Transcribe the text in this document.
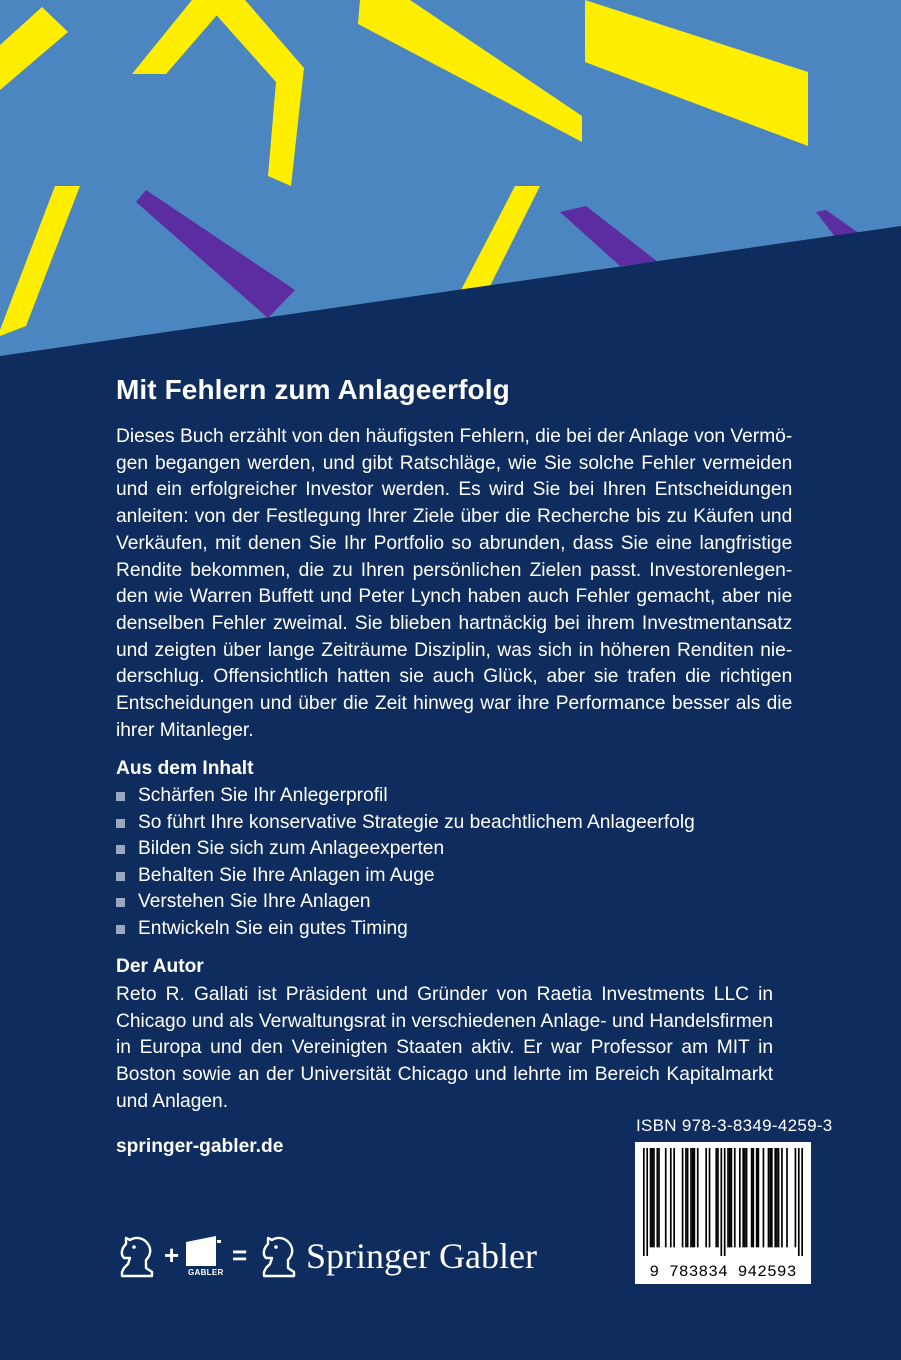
Mit Fehlern zum Anlageerfolg

Dieses Buch erzählt von den häufigsten Fehlern, die bei der Anlage von Vermö-
gen begangen werden, und gibt Ratschläge, wie Sie solche Fehler vermeiden
und ein erfolgreicher Investor werden. Es wird Sie bei Ihren Entscheidungen
anleiten: von der Festlegung Ihrer Ziele über die Recherche bis zu Käufen und
Verkäufen, mit denen Sie Ihr Portfolio so abrunden, dass Sie eine langfristige
Rendite bekommen, die zu Ihren persönlichen Zielen passt. Investorenlegen-
den wie Warren Buffett und Peter Lynch haben auch Fehler gemacht, aber nie
denselben Fehler zweimal. Sie blieben hartnäckig bei ihrem Investmentansatz
und zeigten über lange Zeiträume Disziplin, was sich in höheren Renditen nie-
derschlug. Offensichtlich hatten sie auch Glück, aber sie trafen die richtigen
Entscheidungen und über die Zeit hinweg war ihre Performance besser als die
ihrer Mitanleger.

Aus dem Inhalt
Schärfen Sie Ihr Anlegerprofil
So führt Ihre konservative Strategie zu beachtlichem Anlageerfolg
Bilden Sie sich zum Anlageexperten
Behalten Sie Ihre Anlagen im Auge
Verstehen Sie Ihre Anlagen
Entwickeln Sie ein gutes Timing
Der Autor

Reto R. Gallati ist Präsident und Gründer von Raetia Investments LLC in
Chicago und als Verwaltungsrat in verschiedenen Anlage- und Handelsfirmen
in Europa und den Vereinigten Staaten aktiv. Er war Professor am MIT in
Boston sowie an der Universität Chicago und lehrte im Bereich Kapitalmarkt
und Anlagen.

springer-gabler.de
ISBN 978-3-8349-4259-3
9 783834 942593
+
GABLER
= Springer Gabler
